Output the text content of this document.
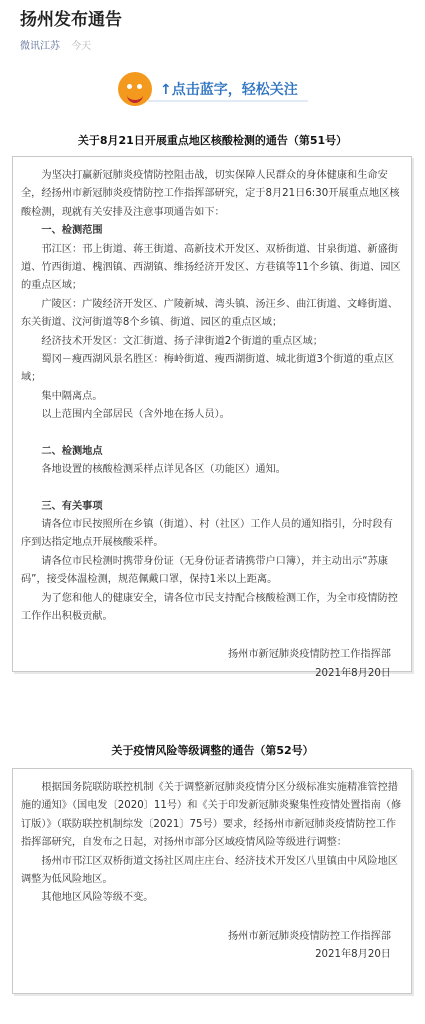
扬州发布通告
微讯江苏 今天
↑点击蓝字，轻松关注
关于8月21日开展重点地区核酸检测的通告（第51号）

为坚决打赢新冠肺炎疫情防控阻击战，切实保障人民群众的身体健康和生命安全，经扬州市新冠肺炎疫情防控工作指挥部研究，定于8月21日6:30开展重点地区核酸检测，现就有关安排及注意事项通告如下：

一、检测范围

邗江区：邗上街道、蒋王街道、高新技术开发区、双桥街道、甘泉街道、新盛街道、竹西街道、槐泗镇、西湖镇、维扬经济开发区、方巷镇等11个乡镇、街道、园区的重点区域；

广陵区：广陵经济开发区、广陵新城、湾头镇、汤汪乡、曲江街道、文峰街道、东关街道、汶河街道等8个乡镇、街道、园区的重点区域；

经济技术开发区：文汇街道、扬子津街道2个街道的重点区域；

蜀冈－瘦西湖风景名胜区：梅岭街道、瘦西湖街道、城北街道3个街道的重点区域；

集中隔离点。

以上范围内全部居民（含外地在扬人员）。

二、检测地点

各地设置的核酸检测采样点详见各区（功能区）通知。

三、有关事项

请各位市民按照所在乡镇（街道）、村（社区）工作人员的通知指引，分时段有序到达指定地点开展核酸采样。

请各位市民检测时携带身份证（无身份证者请携带户口簿），并主动出示“苏康码”，接受体温检测，规范佩戴口罩，保持1米以上距离。

为了您和他人的健康安全，请各位市民支持配合核酸检测工作，为全市疫情防控工作作出积极贡献。

扬州市新冠肺炎疫情防控工作指挥部

2021年8月20日

关于疫情风险等级调整的通告（第52号）

根据国务院联防联控机制《关于调整新冠肺炎疫情分区分级标准实施精准管控措施的通知》（国电发〔2020〕11号）和《关于印发新冠肺炎聚集性疫情处置指南（修订版）》（联防联控机制综发〔2021〕75号）要求，经扬州市新冠肺炎疫情防控工作指挥部研究，自发布之日起，对扬州市部分区域疫情风险等级进行调整：

扬州市邗江区双桥街道文扬社区周庄庄台、经济技术开发区八里镇由中风险地区调整为低风险地区。

其他地区风险等级不变。

扬州市新冠肺炎疫情防控工作指挥部

2021年8月20日
